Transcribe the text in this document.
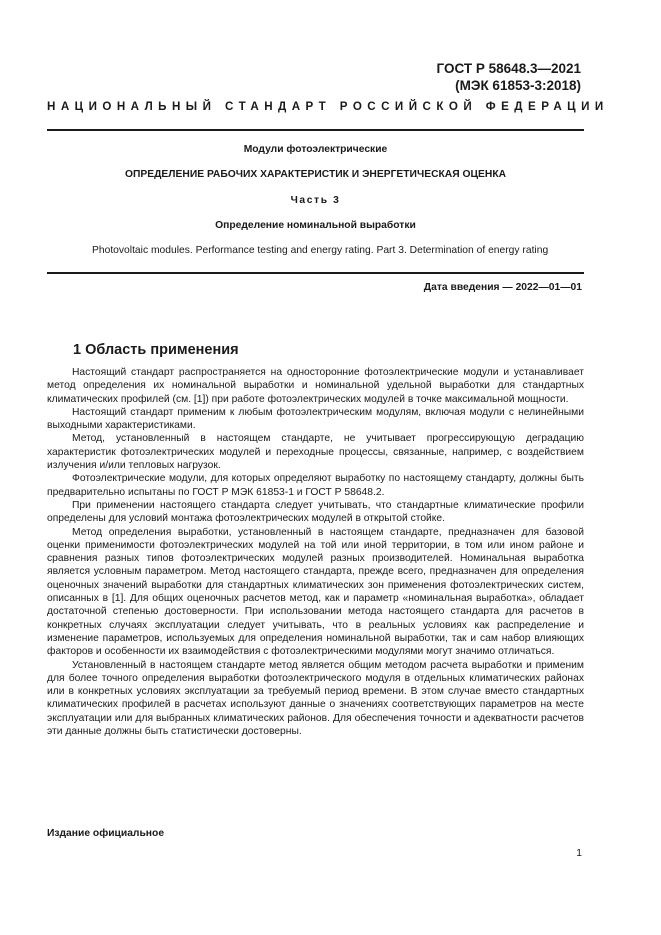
ГОСТ Р 58648.3—2021
(МЭК 61853-3:2018)
НАЦИОНАЛЬНЫЙ СТАНДАРТ РОССИЙСКОЙ ФЕДЕРАЦИИ
Модули фотоэлектрические
ОПРЕДЕЛЕНИЕ РАБОЧИХ ХАРАКТЕРИСТИК И ЭНЕРГЕТИЧЕСКАЯ ОЦЕНКА
Часть 3
Определение номинальной выработки
Photovoltaic modules. Performance testing and energy rating. Part 3. Determination of energy rating
Дата введения — 2022—01—01
1 Область применения

Настоящий стандарт распространяется на односторонние фотоэлектрические модули и устанавливает метод определения их номинальной выработки и номинальной удельной выработки для стандартных климатических профилей (см. [1]) при работе фотоэлектрических модулей в точке максимальной мощности.

Настоящий стандарт применим к любым фотоэлектрическим модулям, включая модули с нелинейными выходными характеристиками.

Метод, установленный в настоящем стандарте, не учитывает прогрессирующую деградацию характеристик фотоэлектрических модулей и переходные процессы, связанные, например, с воздействием излучения и/или тепловых нагрузок.

Фотоэлектрические модули, для которых определяют выработку по настоящему стандарту, должны быть предварительно испытаны по ГОСТ Р МЭК 61853-1 и ГОСТ Р 58648.2.

При применении настоящего стандарта следует учитывать, что стандартные климатические профили определены для условий монтажа фотоэлектрических модулей в открытой стойке.

Метод определения выработки, установленный в настоящем стандарте, предназначен для базовой оценки применимости фотоэлектрических модулей на той или иной территории, в том или ином районе и сравнения разных типов фотоэлектрических модулей разных производителей. Номинальная выработка является условным параметром. Метод настоящего стандарта, прежде всего, предназначен для определения оценочных значений выработки для стандартных климатических зон применения фотоэлектрических систем, описанных в [1]. Для общих оценочных расчетов метод, как и параметр «номинальная выработка», обладает достаточной степенью достоверности. При использовании метода настоящего стандарта для расчетов в конкретных случаях эксплуатации следует учитывать, что в реальных условиях как распределение и изменение параметров, используемых для определения номинальной выработки, так и сам набор влияющих факторов и особенности их взаимодействия с фотоэлектрическими модулями могут значимо отличаться.

Установленный в настоящем стандарте метод является общим методом расчета выработки и применим для более точного определения выработки фотоэлектрического модуля в отдельных климатических районах или в конкретных условиях эксплуатации за требуемый период времени. В этом случае вместо стандартных климатических профилей в расчетах используют данные о значениях соответствующих параметров на месте эксплуатации или для выбранных климатических районов. Для обеспечения точности и адекватности расчетов эти данные должны быть статистически достоверны.

Издание официальное
1
